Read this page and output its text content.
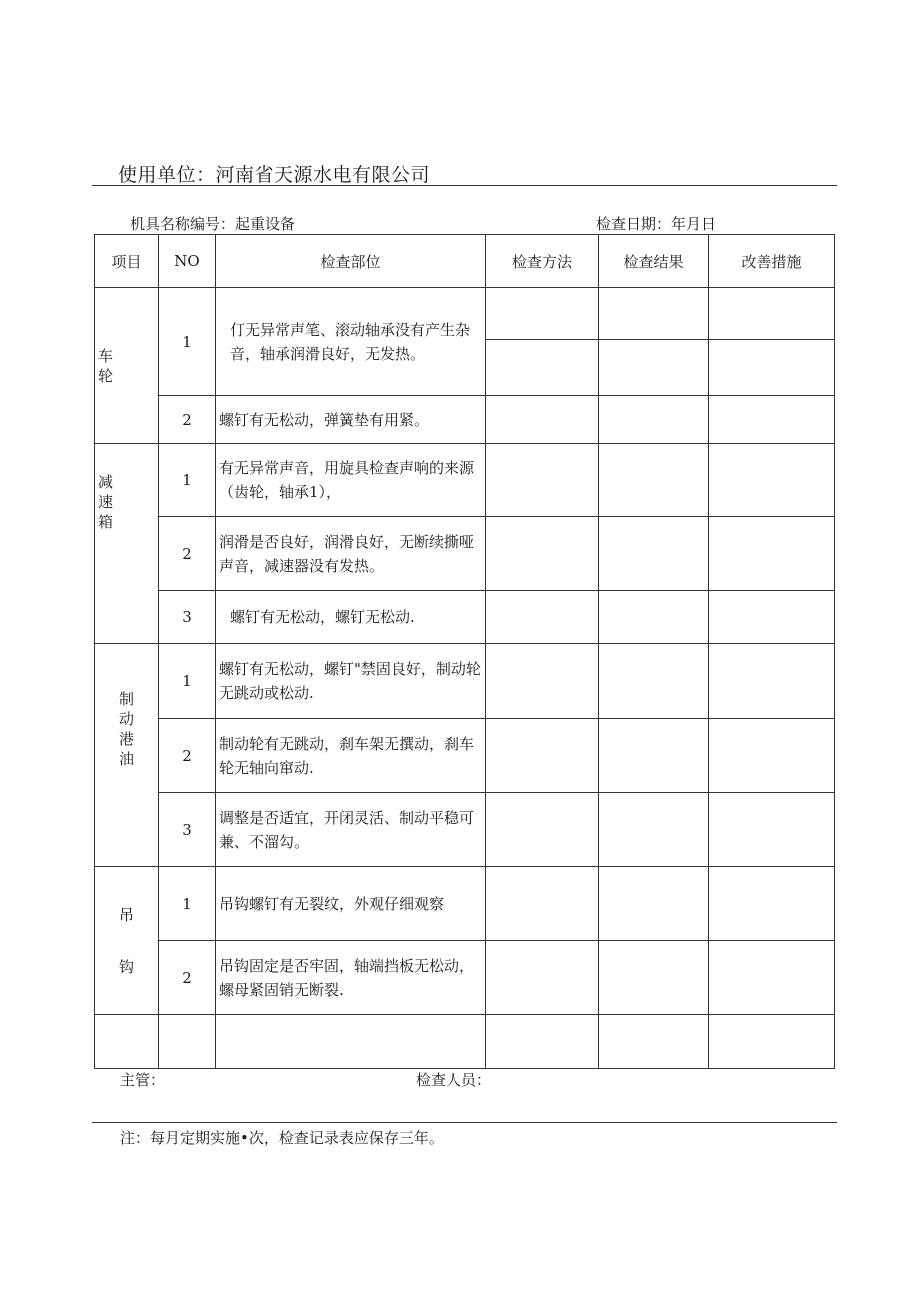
使用单位：河南省天源水电有限公司
机具名称编号：起重设备	检查日期：年月日
项目	NO	检查部位	检查方法	检查结果	改善措施

车轮	1	仃无异常声笔、滚动轴承没有产生杂音，轴承润滑良好，无发热。			

	2	螺钉有无松动，弹簧垫有用紧。			

减速箱	1	有无异常声音，用旋具检查声响的来源（齿轮，轴承1），			
	2	润滑是否良好，润滑良好，无断续撕哑声音，减速器没有发热。			
	3	螺钉有无松动，螺钉无松动.			

制动港油	1	螺钉有无松动，螺钉"禁固良好，制动轮无跳动或松动.			
	2	制动轮有无跳动，刹车架无撰动，刹车轮无轴向窜动.			
	3	调整是否适宜，开闭灵活、制动平稳可兼、不溜勾。			

吊钩	1	吊钩螺钉有无裂纹，外观仔细观察			
	2	吊钩固定是否牢固，轴端挡板无松动，螺母紧固销无断裂.			

主管：	检查人员：
注：每月定期实施•次，检查记录表应保存三年。
